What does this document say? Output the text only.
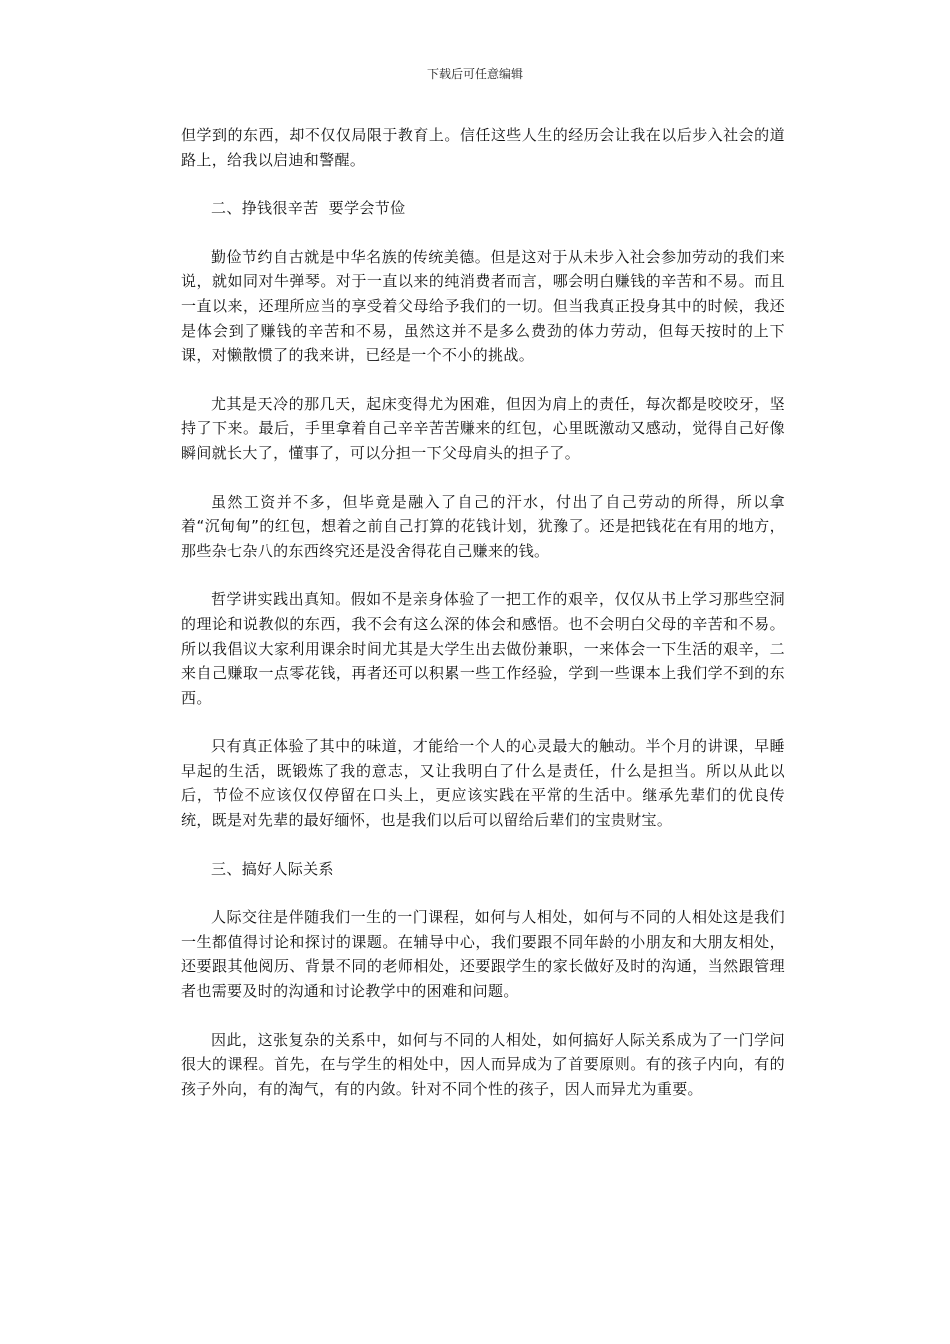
下载后可任意编辑

但学到的东西，却不仅仅局限于教育上。信任这些人生的经历会让我在以后步入社会的道路上，给我以启迪和警醒。

二、挣钱很辛苦  要学会节俭

勤俭节约自古就是中华名族的传统美德。但是这对于从未步入社会参加劳动的我们来说，就如同对牛弹琴。对于一直以来的纯消费者而言，哪会明白赚钱的辛苦和不易。而且一直以来，还理所应当的享受着父母给予我们的一切。但当我真正投身其中的时候，我还是体会到了赚钱的辛苦和不易，虽然这并不是多么费劲的体力劳动，但每天按时的上下课，对懒散惯了的我来讲，已经是一个不小的挑战。

尤其是天冷的那几天，起床变得尤为困难，但因为肩上的责任，每次都是咬咬牙，坚持了下来。最后，手里拿着自己辛辛苦苦赚来的红包，心里既激动又感动，觉得自己好像瞬间就长大了，懂事了，可以分担一下父母肩头的担子了。

虽然工资并不多，但毕竟是融入了自己的汗水，付出了自己劳动的所得，所以拿着“沉甸甸”的红包，想着之前自己打算的花钱计划，犹豫了。还是把钱花在有用的地方，那些杂七杂八的东西终究还是没舍得花自己赚来的钱。

哲学讲实践出真知。假如不是亲身体验了一把工作的艰辛，仅仅从书上学习那些空洞的理论和说教似的东西，我不会有这么深的体会和感悟。也不会明白父母的辛苦和不易。所以我倡议大家利用课余时间尤其是大学生出去做份兼职，一来体会一下生活的艰辛，二来自己赚取一点零花钱，再者还可以积累一些工作经验，学到一些课本上我们学不到的东西。

只有真正体验了其中的味道，才能给一个人的心灵最大的触动。半个月的讲课，早睡早起的生活，既锻炼了我的意志，又让我明白了什么是责任，什么是担当。所以从此以后，节俭不应该仅仅停留在口头上，更应该实践在平常的生活中。继承先辈们的优良传统，既是对先辈的最好缅怀，也是我们以后可以留给后辈们的宝贵财宝。

三、搞好人际关系

人际交往是伴随我们一生的一门课程，如何与人相处，如何与不同的人相处这是我们一生都值得讨论和探讨的课题。在辅导中心，我们要跟不同年龄的小朋友和大朋友相处，还要跟其他阅历、背景不同的老师相处，还要跟学生的家长做好及时的沟通，当然跟管理者也需要及时的沟通和讨论教学中的困难和问题。

因此，这张复杂的关系中，如何与不同的人相处，如何搞好人际关系成为了一门学问很大的课程。首先，在与学生的相处中，因人而异成为了首要原则。有的孩子内向，有的孩子外向，有的淘气，有的内敛。针对不同个性的孩子，因人而异尤为重要。
